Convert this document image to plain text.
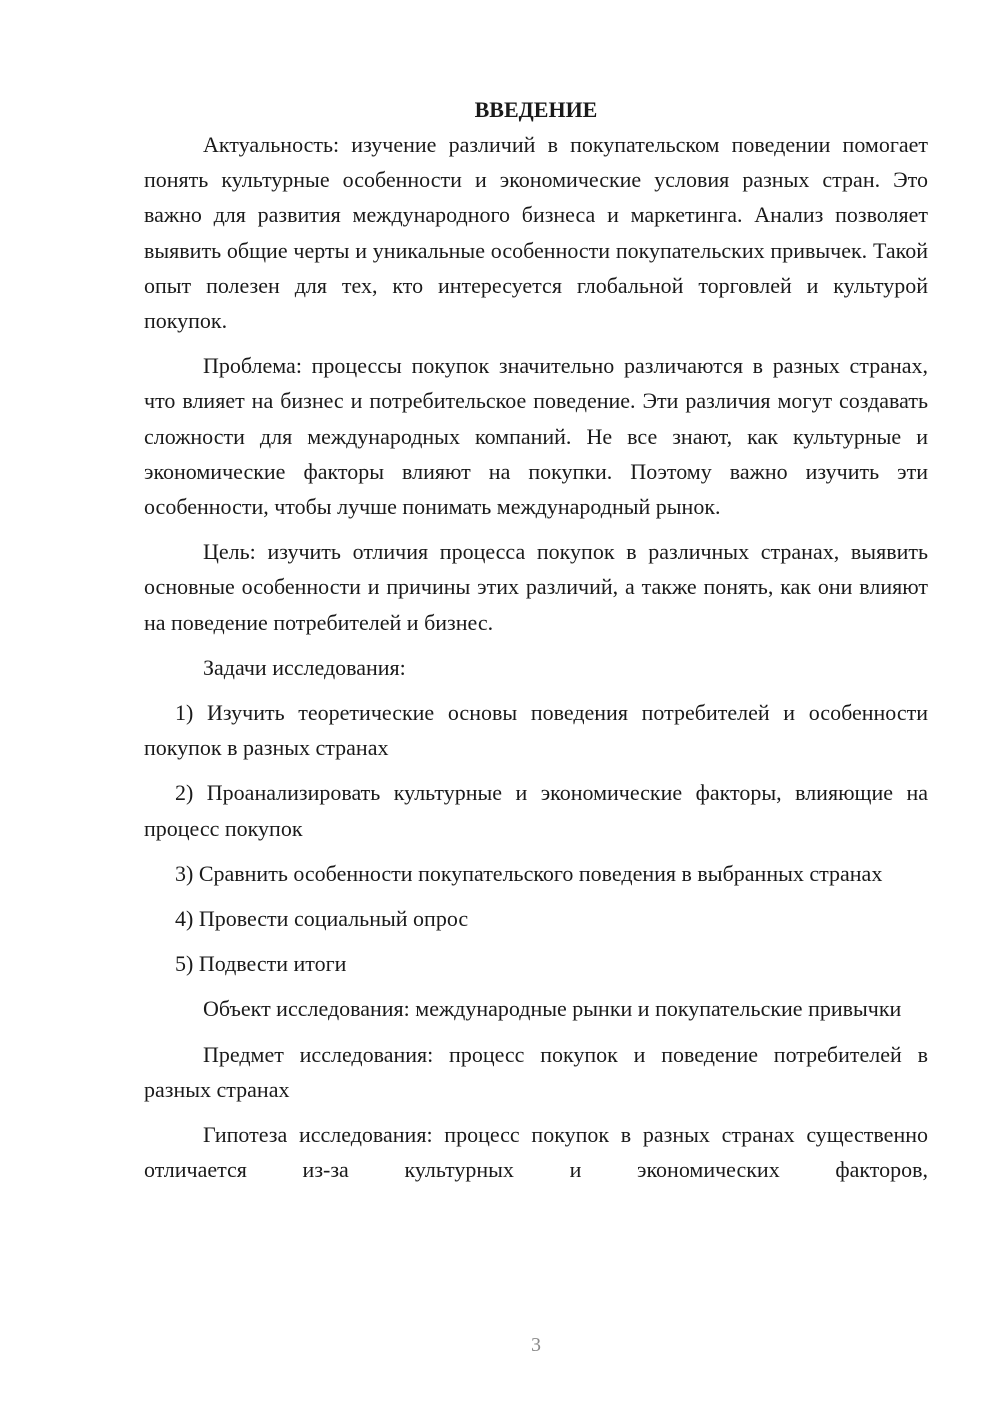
ВВЕДЕНИЕ

Актуальность: изучение различий в покупательском поведении помогает понять культурные особенности и экономические условия разных стран. Это важно для развития международного бизнеса и маркетинга. Анализ позволяет выявить общие черты и уникальные особенности покупательских привычек. Такой опыт полезен для тех, кто интересуется глобальной торговлей и культурой покупок.

Проблема: процессы покупок значительно различаются в разных странах, что влияет на бизнес и потребительское поведение. Эти различия могут создавать сложности для международных компаний. Не все знают, как культурные и экономические факторы влияют на покупки. Поэтому важно изучить эти особенности, чтобы лучше понимать международный рынок.

Цель: изучить отличия процесса покупок в различных странах, выявить основные особенности и причины этих различий, а также понять, как они влияют на поведение потребителей и бизнес.

Задачи исследования:

1) Изучить теоретические основы поведения потребителей и особенности покупок в разных странах

2) Проанализировать культурные и экономические факторы, влияющие на процесс покупок

3) Сравнить особенности покупательского поведения в выбранных странах

4) Провести социальный опрос

5) Подвести итоги

Объект исследования: международные рынки и покупательские привычки

Предмет исследования: процесс покупок и поведение потребителей в разных странах

Гипотеза исследования: процесс покупок в разных странах существенно отличается из-за культурных и экономических факторов,

3
